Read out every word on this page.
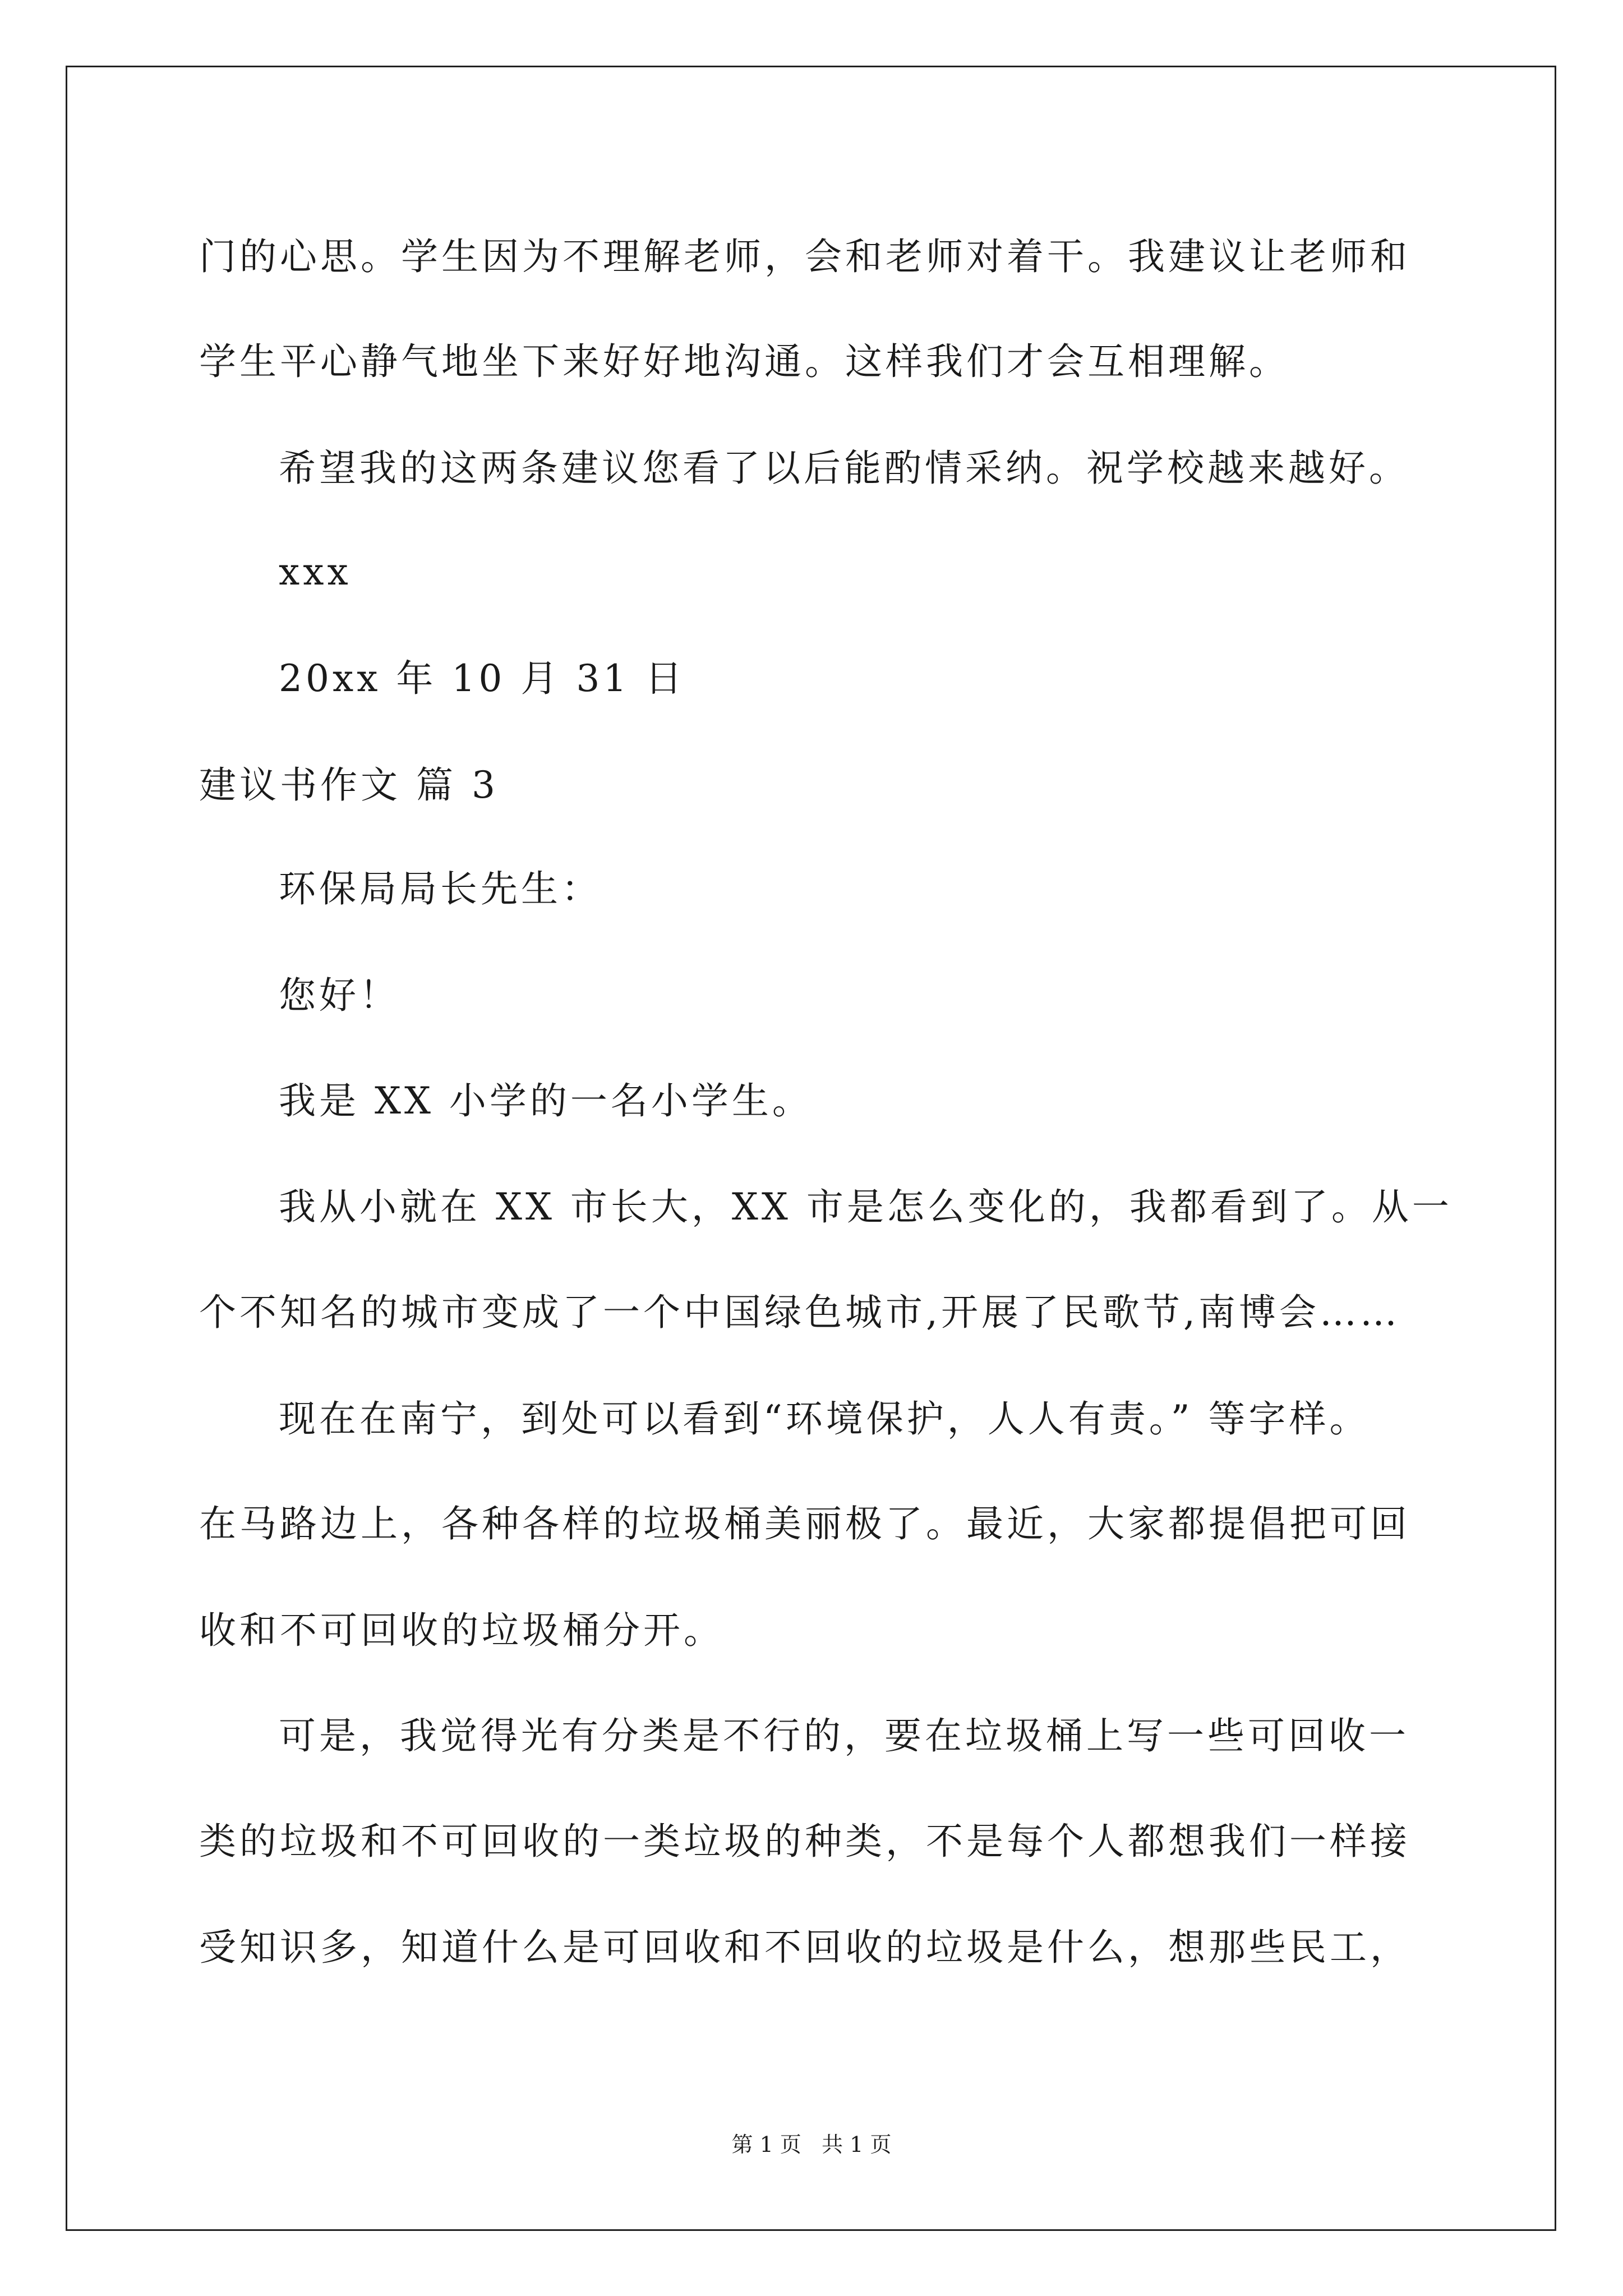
门的心思。学生因为不理解老师，会和老师对着干。我建议让老师和
学生平心静气地坐下来好好地沟通。这样我们才会互相理解。
希望我的这两条建议您看了以后能酌情采纳。祝学校越来越好。
xxx
20xx 年 10 月 31 日
建议书作文 篇 3
环保局局长先生：
您好！
我是 XX 小学的一名小学生。
我从小就在 XX 市长大，XX 市是怎么变化的，我都看到了。从一
个不知名的城市变成了一个中国绿色城市,开展了民歌节,南博会……
现在在南宁，到处可以看到“环境保护，人人有责。” 等字样。
在马路边上，各种各样的垃圾桶美丽极了。最近，大家都提倡把可回
收和不可回收的垃圾桶分开。
可是，我觉得光有分类是不行的，要在垃圾桶上写一些可回收一
类的垃圾和不可回收的一类垃圾的种类，不是每个人都想我们一样接
受知识多，知道什么是可回收和不回收的垃圾是什么，想那些民工，
第 1 页   共 1 页
